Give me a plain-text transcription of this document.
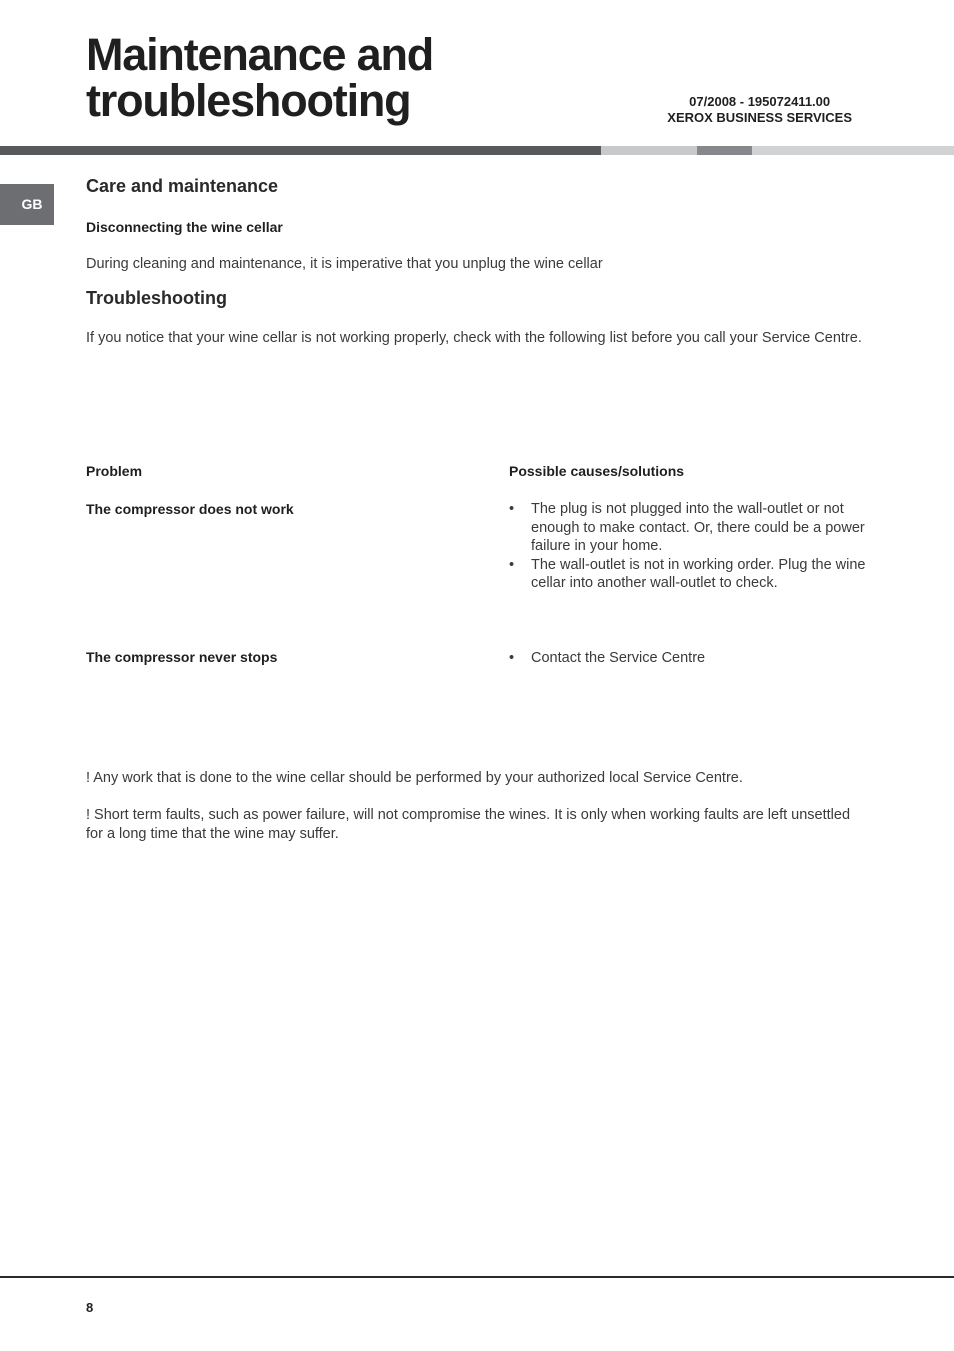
Maintenance and
troubleshooting	07/2008 - 195072411.00
XEROX BUSINESS SERVICES
GB
Care and maintenance
Disconnecting the wine cellar

During cleaning and maintenance, it is imperative that you unplug the wine cellar

Troubleshooting

If you notice that your wine cellar is not working properly, check with the following list before you call your Service Centre.

Problem	Possible causes/solutions

The compressor does not work	• The plug is not plugged into the wall-outlet or not enough to make contact. Or, there could be a power failure in your home.
• The wall-outlet is not in working order. Plug the wine cellar into another wall-outlet to check.

The compressor never stops	• Contact the Service Centre

! Any work that is done to the wine cellar should be performed by your authorized local Service Centre.

! Short term faults, such as power failure, will not compromise the wines. It is only when working faults are left unsettled for a long time that the wine may suffer.

8
